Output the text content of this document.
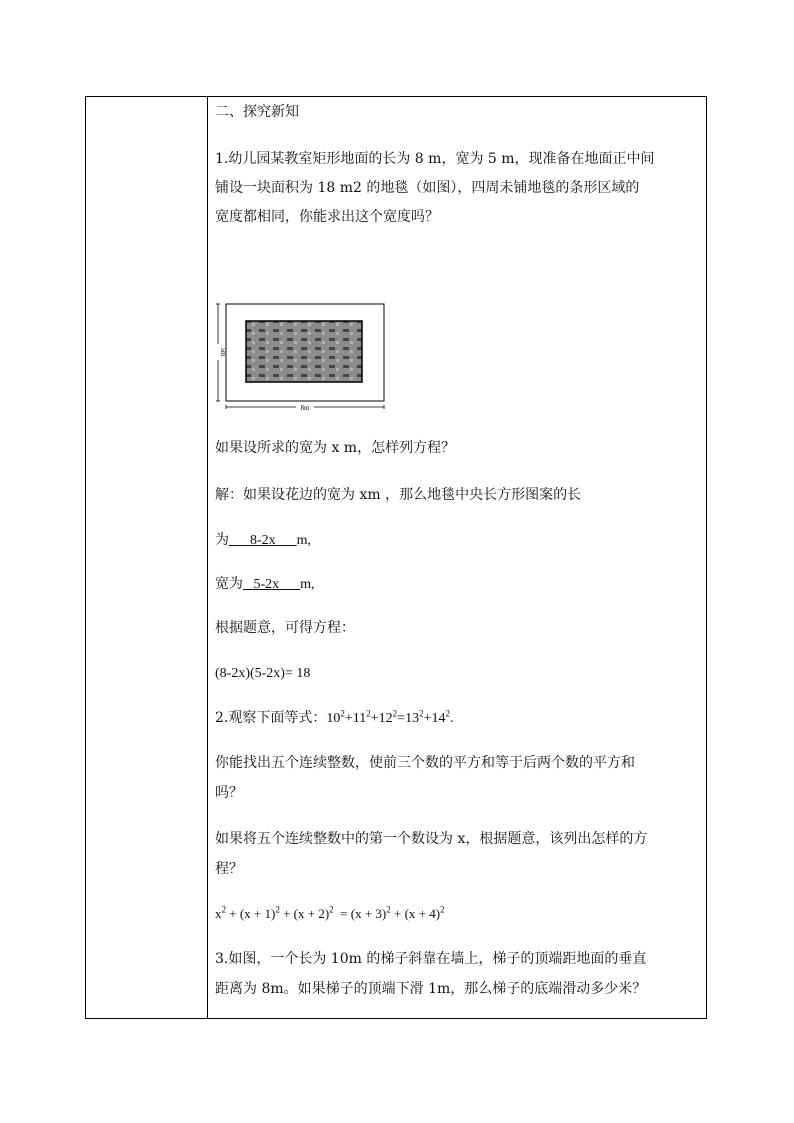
二、探究新知
1.幼儿园某教室矩形地面的长为 8 m，宽为 5 m，现准备在地面正中间
铺设一块面积为 18 m2 的地毯（如图），四周未铺地毯的条形区域的
宽度都相同，你能求出这个宽度吗？
5m
8m
如果设所求的宽为 x m，怎样列方程？
解：如果设花边的宽为 xm ，那么地毯中央长方形图案的长
为 8-2x m,
宽为 5-2x m,
根据题意，可得方程：
(8-2x)(5-2x)= 18
2.观察下面等式：$10^2+11^2+12^2=13^2+14^2$.
你能找出五个连续整数，使前三个数的平方和等于后两个数的平方和
吗？
如果将五个连续整数中的第一个数设为 x，根据题意，该列出怎样的方
程？
$x^2 + (x + 1)^2 + (x + 2)^2 = (x + 3)^2 + (x + 4)^2$
3.如图，一个长为 10m 的梯子斜靠在墙上，梯子的顶端距地面的垂直
距离为 8m。如果梯子的顶端下滑 1m，那么梯子的底端滑动多少米？
